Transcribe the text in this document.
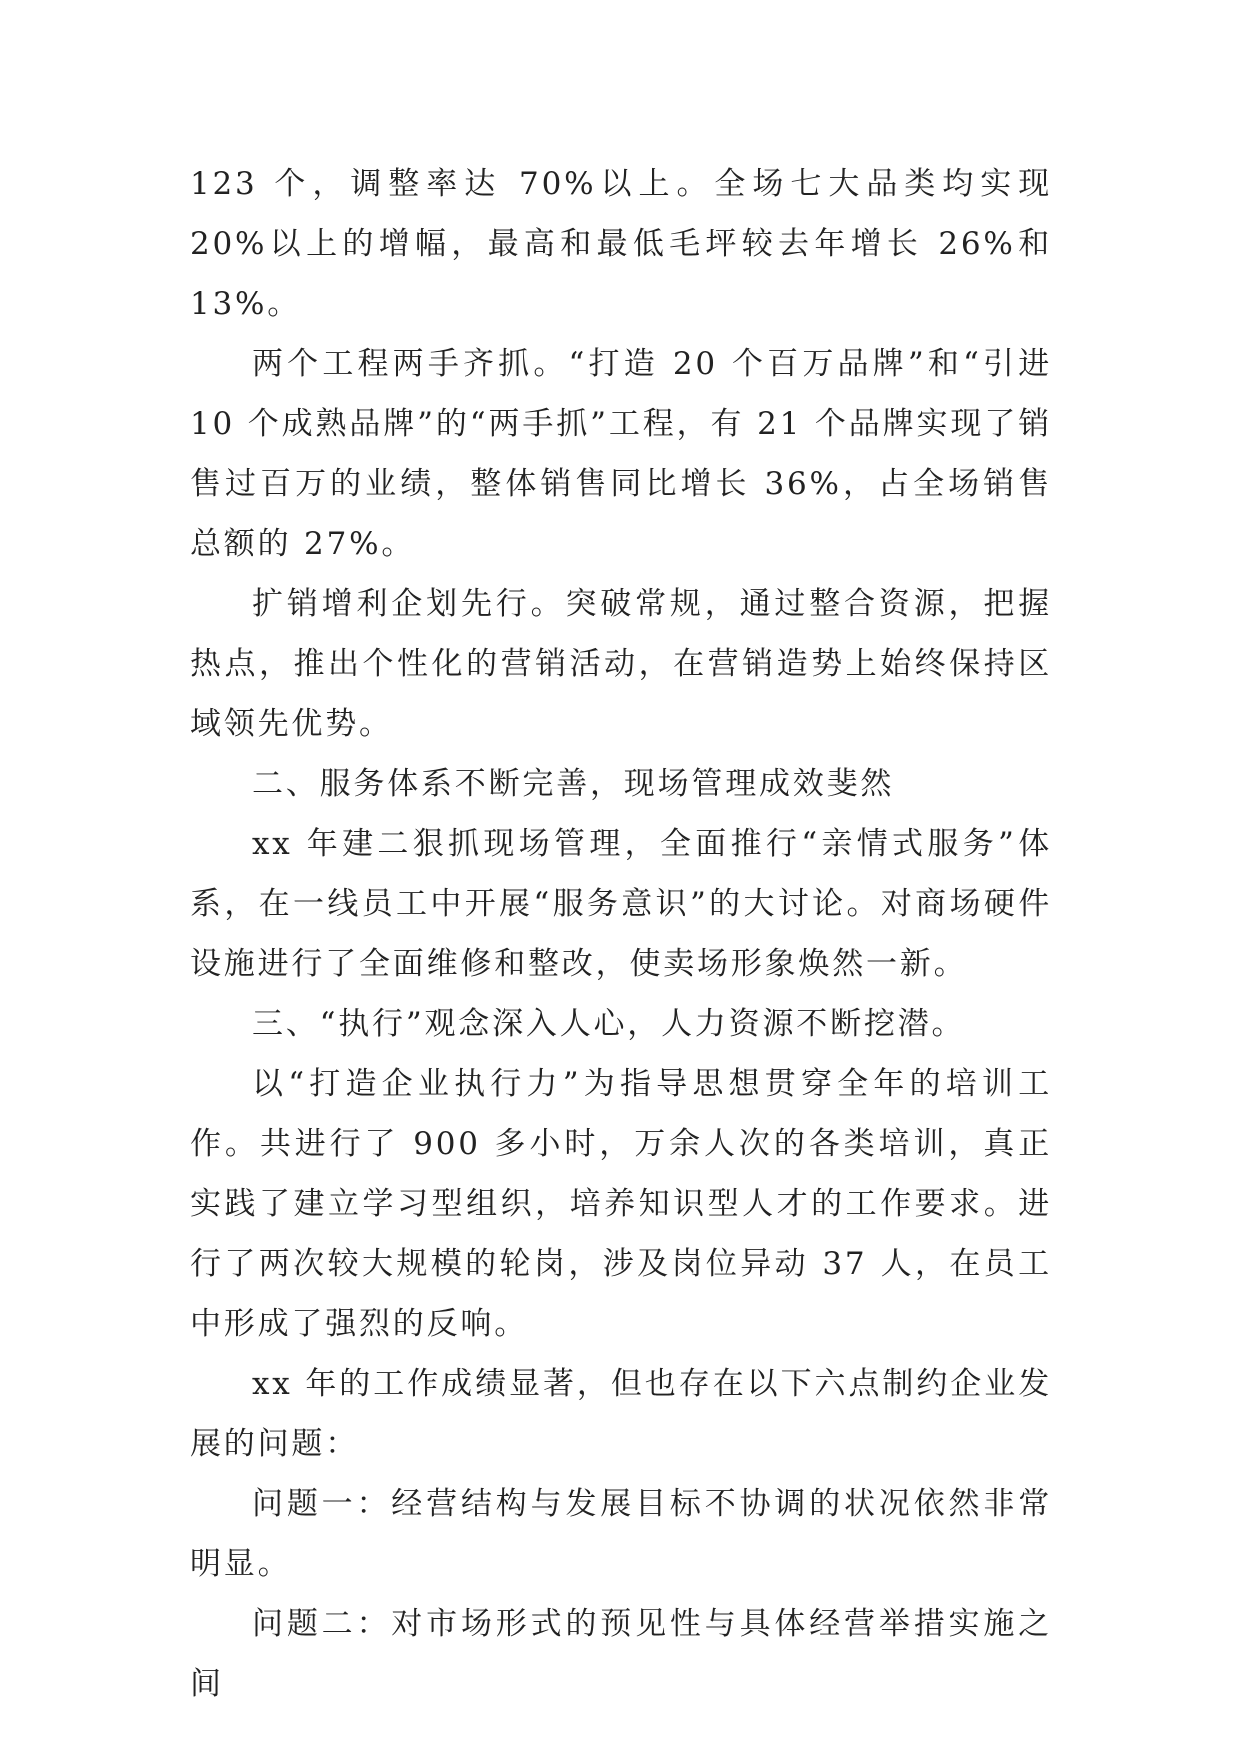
123 个，调整率达 70%以上。全场七大品类均实现 20%以上的增幅，最高和最低毛坪较去年增长 26%和 13%。

两个工程两手齐抓。“打造 20 个百万品牌”和“引进 10 个成熟品牌”的“两手抓”工程，有 21 个品牌实现了销售过百万的业绩，整体销售同比增长 36%，占全场销售总额的 27%。

扩销增利企划先行。突破常规，通过整合资源，把握热点，推出个性化的营销活动，在营销造势上始终保持区域领先优势。

二、服务体系不断完善，现场管理成效斐然

xx 年建二狠抓现场管理，全面推行“亲情式服务”体系，在一线员工中开展“服务意识”的大讨论。对商场硬件设施进行了全面维修和整改，使卖场形象焕然一新。

三、“执行”观念深入人心，人力资源不断挖潜。

以“打造企业执行力”为指导思想贯穿全年的培训工作。共进行了 900 多小时，万余人次的各类培训，真正实践了建立学习型组织，培养知识型人才的工作要求。进行了两次较大规模的轮岗，涉及岗位异动 37 人，在员工中形成了强烈的反响。

xx 年的工作成绩显著，但也存在以下六点制约企业发展的问题：

问题一：经营结构与发展目标不协调的状况依然非常明显。

问题二：对市场形式的预见性与具体经营举措实施之间
